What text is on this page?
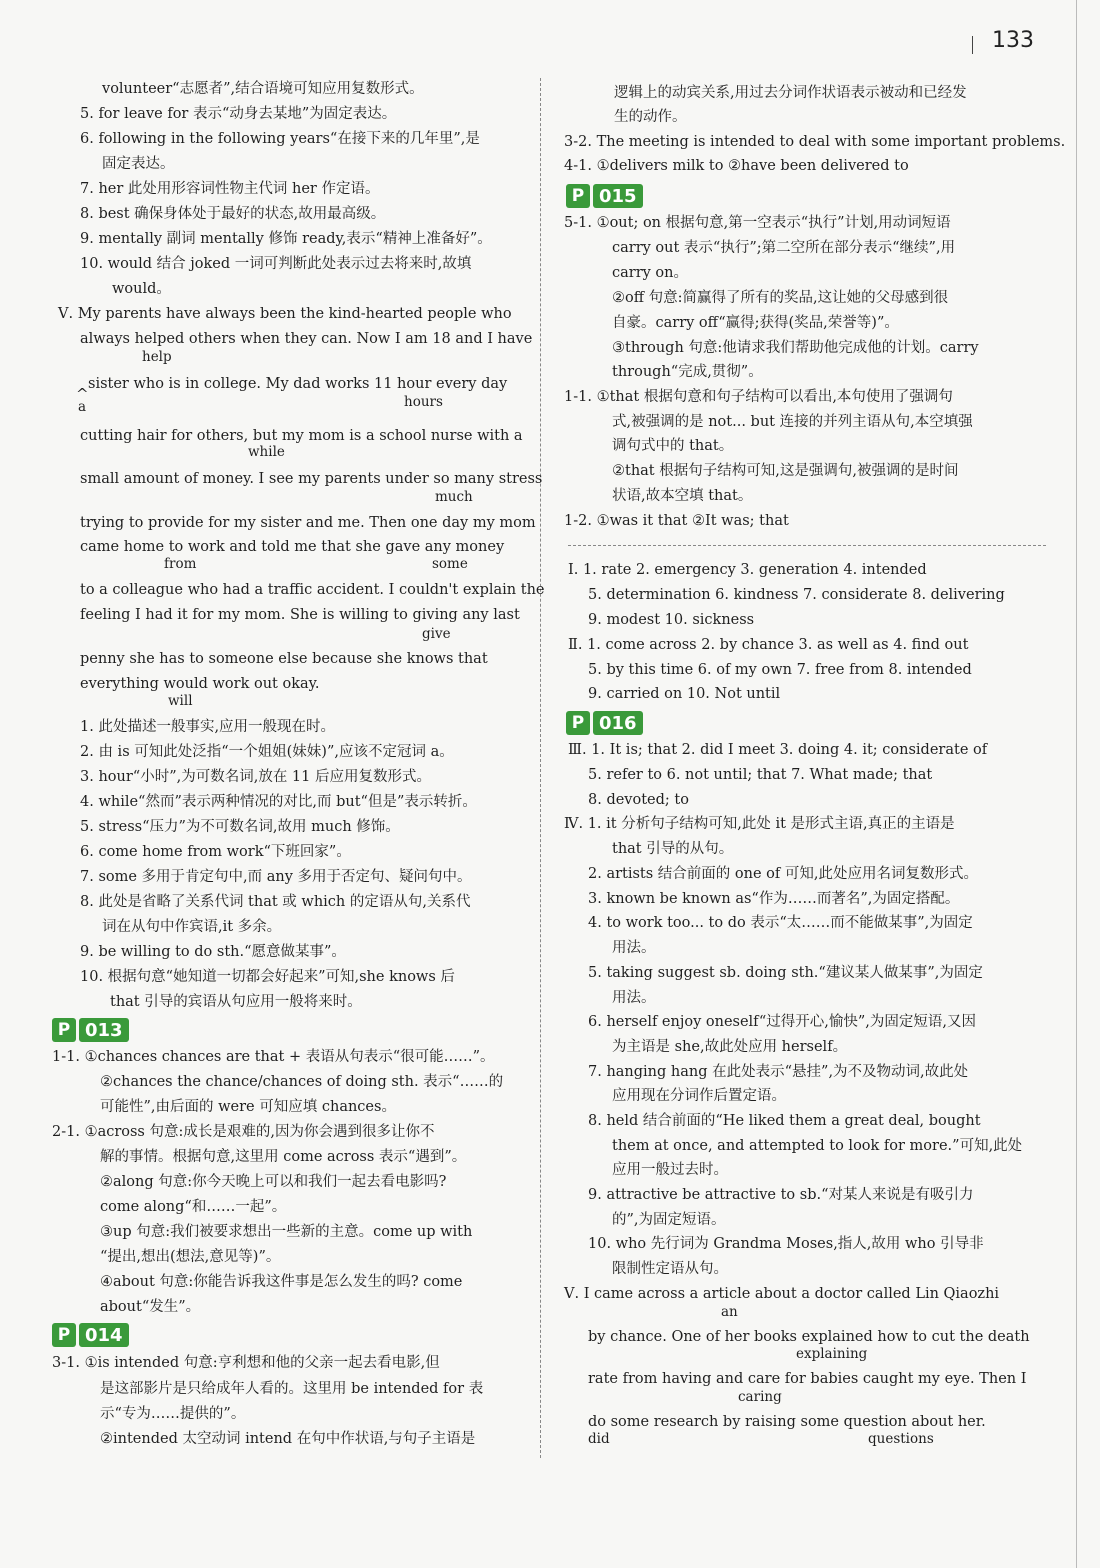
133
volunteer“志愿者”,结合语境可知应用复数形式。
5. for leave for 表示“动身去某地”为固定表达。
6. following in the following years“在接下来的几年里”,是
固定表达。
7. her 此处用形容词性物主代词 her 作定语。
8. best 确保身体处于最好的状态,故用最高级。
9. mentally 副词 mentally 修饰 ready,表示“精神上准备好”。
10. would 结合 joked 一词可判断此处表示过去将来时,故填
would。
Ⅴ. My parents have always been the kind-hearted people who
always helped others when they can. Now I am 18 and I have
help
^
sister who is in college. My dad works 11 hour every day
a	hours
cutting hair for others, but my mom is a school nurse with a
while
small amount of money. I see my parents under so many stress
much
trying to provide for my sister and me. Then one day my mom
came home to work and told me that she gave any money
from	some
to a colleague who had a traffic accident. I couldn't explain the
feeling I had it for my mom. She is willing to giving any last
give
penny she has to someone else because she knows that
everything would work out okay.
will
1. 此处描述一般事实,应用一般现在时。
2. 由 is 可知此处泛指“一个姐姐(妹妹)”,应该不定冠词 a。
3. hour“小时”,为可数名词,放在 11 后应用复数形式。
4. while“然而”表示两种情况的对比,而 but“但是”表示转折。
5. stress“压力”为不可数名词,故用 much 修饰。
6. come home from work“下班回家”。
7. some 多用于肯定句中,而 any 多用于否定句、疑问句中。
8. 此处是省略了关系代词 that 或 which 的定语从句,关系代
词在从句中作宾语,it 多余。
9. be willing to do sth.“愿意做某事”。
10. 根据句意“她知道一切都会好起来”可知,she knows 后
that 引导的宾语从句应用一般将来时。
P 013
1-1. ①chances chances are that + 表语从句表示“很可能……”。
②chances the chance/chances of doing sth. 表示“……的
可能性”,由后面的 were 可知应填 chances。
2-1. ①across 句意:成长是艰难的,因为你会遇到很多让你不
解的事情。根据句意,这里用 come across 表示“遇到”。
②along 句意:你今天晚上可以和我们一起去看电影吗?
come along“和……一起”。
③up 句意:我们被要求想出一些新的主意。come up with
“提出,想出(想法,意见等)”。
④about 句意:你能告诉我这件事是怎么发生的吗? come
about“发生”。
P 014
3-1. ①is intended 句意:亨利想和他的父亲一起去看电影,但
是这部影片是只给成年人看的。这里用 be intended for 表
示“专为……提供的”。
②intended 太空动词 intend 在句中作状语,与句子主语是
逻辑上的动宾关系,用过去分词作状语表示被动和已经发
生的动作。
3-2. The meeting is intended to deal with some important problems.
4-1. ①delivers milk to ②have been delivered to
P 015
5-1. ①out; on 根据句意,第一空表示“执行”计划,用动词短语
carry out 表示“执行”;第二空所在部分表示“继续”,用
carry on。
②off 句意:简赢得了所有的奖品,这让她的父母感到很
自豪。carry off“赢得;获得(奖品,荣誉等)”。
③through 句意:他请求我们帮助他完成他的计划。carry
through“完成,贯彻”。
1-1. ①that 根据句意和句子结构可以看出,本句使用了强调句
式,被强调的是 not... but 连接的并列主语从句,本空填强
调句式中的 that。
②that 根据句子结构可知,这是强调句,被强调的是时间
状语,故本空填 that。
1-2. ①was it that ②It was; that
Ⅰ. 1. rate 2. emergency 3. generation 4. intended
5. determination 6. kindness 7. considerate 8. delivering
9. modest 10. sickness
Ⅱ. 1. come across 2. by chance 3. as well as 4. find out
5. by this time 6. of my own 7. free from 8. intended
9. carried on 10. Not until
P 016
Ⅲ. 1. It is; that 2. did I meet 3. doing 4. it; considerate of
5. refer to 6. not until; that 7. What made; that
8. devoted; to
Ⅳ. 1. it 分析句子结构可知,此处 it 是形式主语,真正的主语是
that 引导的从句。
2. artists 结合前面的 one of 可知,此处应用名词复数形式。
3. known be known as“作为……而著名”,为固定搭配。
4. to work too... to do 表示“太……而不能做某事”,为固定
用法。
5. taking suggest sb. doing sth.“建议某人做某事”,为固定
用法。
6. herself enjoy oneself“过得开心,愉快”,为固定短语,又因
为主语是 she,故此处应用 herself。
7. hanging hang 在此处表示“悬挂”,为不及物动词,故此处
应用现在分词作后置定语。
8. held 结合前面的“He liked them a great deal, bought
them at once, and attempted to look for more.”可知,此处
应用一般过去时。
9. attractive be attractive to sb.“对某人来说是有吸引力
的”,为固定短语。
10. who 先行词为 Grandma Moses,指人,故用 who 引导非
限制性定语从句。
Ⅴ. I came across a article about a doctor called Lin Qiaozhi
an
by chance. One of her books explained how to cut the death
explaining
rate from having and care for babies caught my eye. Then I
caring
do some research by raising some question about her.
did	questions
